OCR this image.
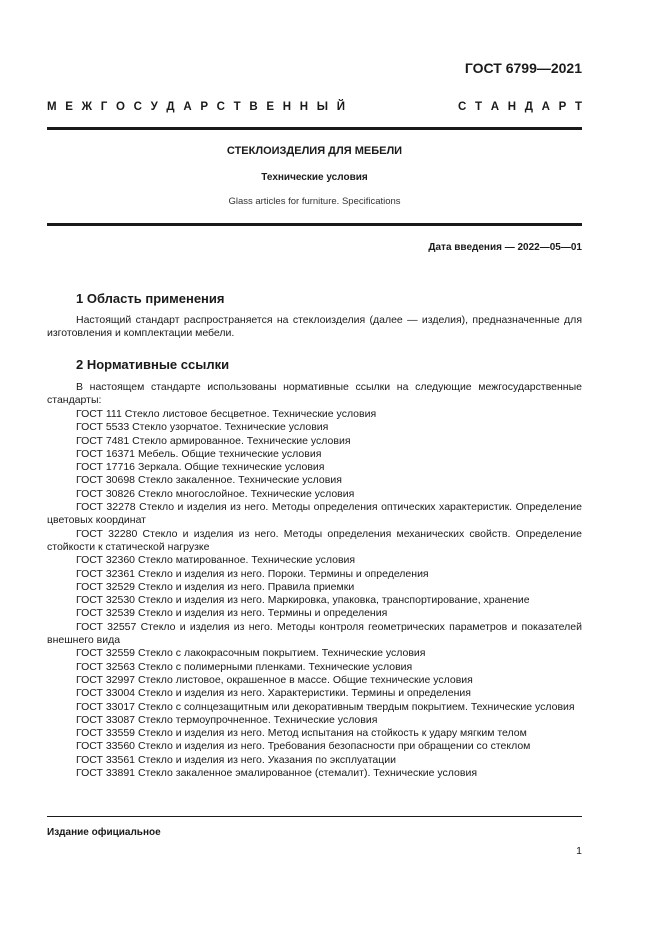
ГОСТ 6799—2021
М Е Ж Г О С У Д А Р С Т В Е Н Н Ы Й	С Т А Н Д А Р Т
СТЕКЛОИЗДЕЛИЯ ДЛЯ МЕБЕЛИ
Технические условия
Glass articles for furniture. Specifications
Дата введения — 2022—05—01
1 Область применения
Настоящий стандарт распространяется на стеклоизделия (далее — изделия), предназначенные для изготовления и комплектации мебели.
2 Нормативные ссылки
В настоящем стандарте использованы нормативные ссылки на следующие межгосударственные стандарты:

ГОСТ 111 Стекло листовое бесцветное. Технические условия

ГОСТ 5533 Стекло узорчатое. Технические условия

ГОСТ 7481 Стекло армированное. Технические условия

ГОСТ 16371 Мебель. Общие технические условия

ГОСТ 17716 Зеркала. Общие технические условия

ГОСТ 30698 Стекло закаленное. Технические условия

ГОСТ 30826 Стекло многослойное. Технические условия

ГОСТ 32278 Стекло и изделия из него. Методы определения оптических характеристик. Определение цветовых координат

ГОСТ 32280 Стекло и изделия из него. Методы определения механических свойств. Определение стойкости к статической нагрузке

ГОСТ 32360 Стекло матированное. Технические условия

ГОСТ 32361 Стекло и изделия из него. Пороки. Термины и определения

ГОСТ 32529 Стекло и изделия из него. Правила приемки

ГОСТ 32530 Стекло и изделия из него. Маркировка, упаковка, транспортирование, хранение

ГОСТ 32539 Стекло и изделия из него. Термины и определения

ГОСТ 32557 Стекло и изделия из него. Методы контроля геометрических параметров и показателей внешнего вида

ГОСТ 32559 Стекло с лакокрасочным покрытием. Технические условия

ГОСТ 32563 Стекло с полимерными пленками. Технические условия

ГОСТ 32997 Стекло листовое, окрашенное в массе. Общие технические условия

ГОСТ 33004 Стекло и изделия из него. Характеристики. Термины и определения

ГОСТ 33017 Стекло с солнцезащитным или декоративным твердым покрытием. Технические условия

ГОСТ 33087 Стекло термоупрочненное. Технические условия

ГОСТ 33559 Стекло и изделия из него. Метод испытания на стойкость к удару мягким телом

ГОСТ 33560 Стекло и изделия из него. Требования безопасности при обращении со стеклом

ГОСТ 33561 Стекло и изделия из него. Указания по эксплуатации

ГОСТ 33891 Стекло закаленное эмалированное (стемалит). Технические условия

Издание официальное
1
